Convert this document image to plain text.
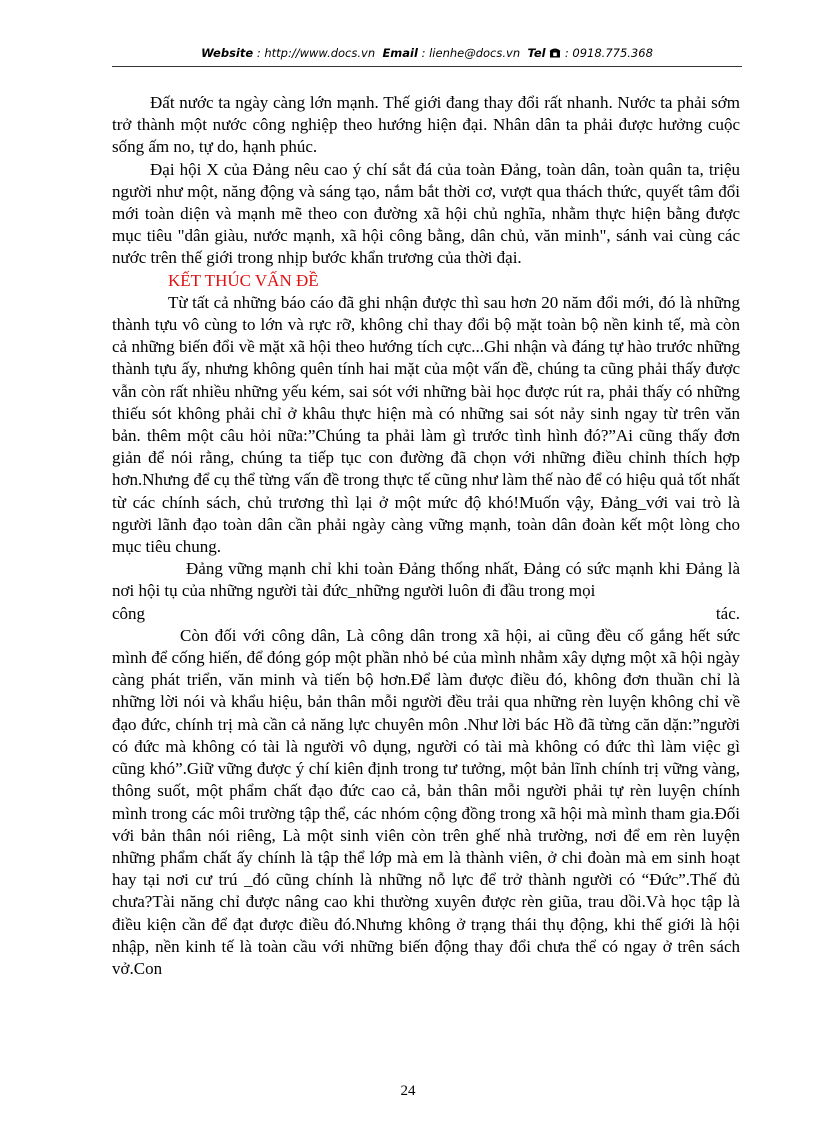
Website : http://www.docs.vn Email : lienhe@docs.vn Tel : 0918.775.368

Đất nước ta ngày càng lớn mạnh. Thế giới đang thay đổi rất nhanh. Nước ta phải sớm trở thành một nước công nghiệp theo hướng hiện đại. Nhân dân ta phải được hưởng cuộc sống ấm no, tự do, hạnh phúc.

Đại hội X của Đảng nêu cao ý chí sắt đá của toàn Đảng, toàn dân, toàn quân ta, triệu người như một, năng động và sáng tạo, nắm bắt thời cơ, vượt qua thách thức, quyết tâm đổi mới toàn diện và mạnh mẽ theo con đường xã hội chủ nghĩa, nhằm thực hiện bằng được mục tiêu "dân giàu, nước mạnh, xã hội công bằng, dân chủ, văn minh", sánh vai cùng các nước trên thế giới trong nhịp bước khẩn trương của thời đại.

KẾT THÚC VẤN ĐỀ

Từ tất cả những báo cáo đã ghi nhận được thì sau hơn 20 năm đổi mới, đó là những thành tựu vô cùng to lớn và rực rỡ, không chỉ thay đổi bộ mặt toàn bộ nền kinh tế, mà còn cả những biến đổi về mặt xã hội theo hướng tích cực...Ghi nhận và đáng tự hào trước những thành tựu ấy, nhưng không quên tính hai mặt của một vấn đề, chúng ta cũng phải thấy được vẫn còn rất nhiều những yếu kém, sai sót với những bài học được rút ra, phải thấy có những thiếu sót không phải chỉ ở khâu thực hiện mà có những sai sót nảy sinh ngay từ trên văn bản. thêm một câu hỏi nữa:”Chúng ta phải làm gì trước tình hình đó?”Ai cũng thấy đơn giản để nói rằng, chúng ta tiếp tục con đường đã chọn với những điều chỉnh thích hợp hơn.Nhưng để cụ thể từng vấn đề trong thực tế cũng như làm thế nào để có hiệu quả tốt nhất từ các chính sách, chủ trương thì lại ở một mức độ khó!Muốn vậy, Đảng_với vai trò là người lãnh đạo toàn dân cần phải ngày càng vững mạnh, toàn dân đoàn kết một lòng cho mục tiêu chung.

Đảng vững mạnh chỉ khi toàn Đảng thống nhất, Đảng có sức mạnh khi Đảng là nơi hội tụ của những người tài đức_những người luôn đi đầu trong mọi

công tác.

Còn đối với công dân, Là công dân trong xã hội, ai cũng đều cố gắng hết sức mình để cống hiến, để đóng góp một phần nhỏ bé của mình nhằm xây dựng một xã hội ngày càng phát triển, văn minh và tiến bộ hơn.Để làm được điều đó, không đơn thuần chỉ là những lời nói và khẩu hiệu, bản thân mỗi người đều trải qua những rèn luyện không chỉ về đạo đức, chính trị mà cần cả năng lực chuyên môn .Như lời bác Hồ đã từng căn dặn:”người có đức mà không có tài là người vô dụng, người có tài mà không có đức thì làm việc gì cũng khó”.Giữ vững được ý chí kiên định trong tư tưởng, một bản lĩnh chính trị vững vàng, thông suốt, một phẩm chất đạo đức cao cả, bản thân mỗi người phải tự rèn luyện chính mình trong các môi trường tập thể, các nhóm cộng đồng trong xã hội mà mình tham gia.Đối với bản thân nói riêng, Là một sinh viên còn trên ghế nhà trường, nơi để em rèn luyện những phẩm chất ấy chính là tập thể lớp mà em là thành viên, ở chi đoàn mà em sinh hoạt hay tại nơi cư trú _đó cũng chính là những nỗ lực để trở thành người có “Đức”.Thế đủ chưa?Tài năng chỉ được nâng cao khi thường xuyên được rèn giũa, trau dồi.Và học tập là điều kiện cần để đạt được điều đó.Nhưng không ở trạng thái thụ động, khi thế giới là hội nhập, nền kinh tế là toàn cầu với những biến động thay đổi chưa thể có ngay ở trên sách vở.Con

24
